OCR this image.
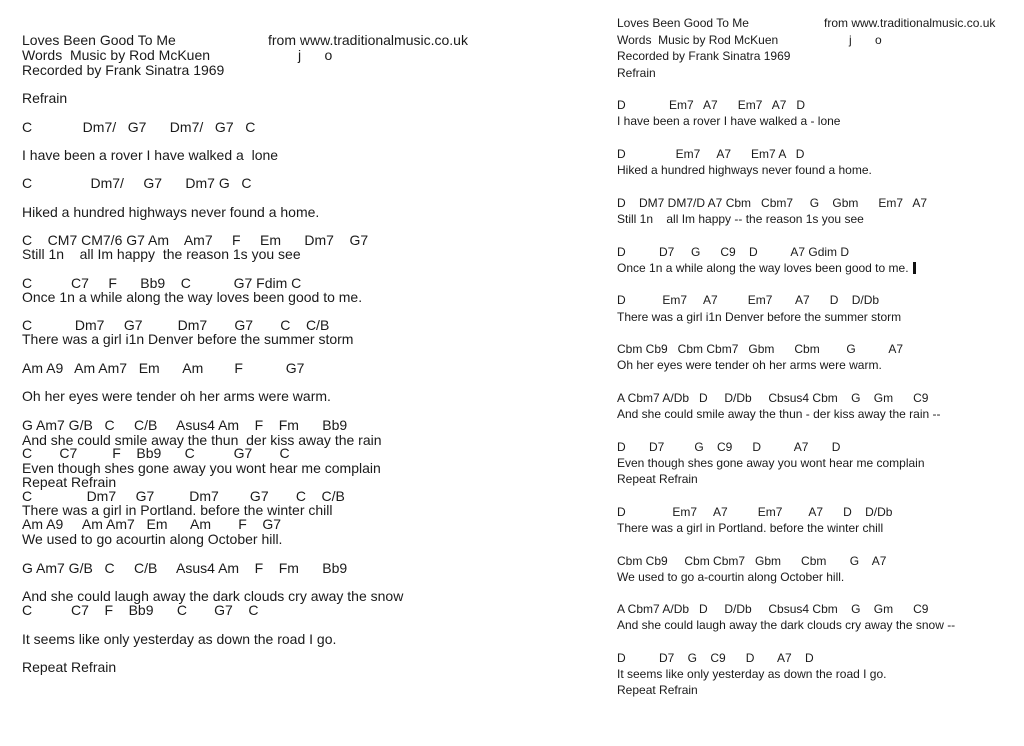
Loves Been Good To Me

	from www.traditionalmusic.co.uk

Words  Music by Rod McKuen

	j      o

Recorded by Frank Sinatra 1969

Refrain

C             Dm7/   G7      Dm7/   G7   C

I have been a rover I have walked a  lone

C               Dm7/     G7      Dm7 G   C

Hiked a hundred highways never found a home.

C    CM7 CM7/6 G7 Am    Am7     F     Em      Dm7    G7

Still 1n    all Im happy  the reason 1s you see

C          C7     F      Bb9    C           G7 Fdim C

Once 1n a while along the way loves been good to me.

C           Dm7     G7         Dm7       G7       C    C/B

There was a girl i1n Denver before the summer storm

Am A9   Am Am7   Em      Am        F           G7

Oh her eyes were tender oh her arms were warm.

G Am7 G/B   C     C/B     Asus4 Am    F    Fm      Bb9

And she could smile away the thun  der kiss away the rain

C       C7         F    Bb9      C          G7       C

Even though shes gone away you wont hear me complain

Repeat Refrain

C              Dm7     G7         Dm7        G7       C    C/B

There was a girl in Portland. before the winter chill

Am A9     Am Am7   Em      Am       F    G7

We used to go acourtin along October hill.

G Am7 G/B   C     C/B     Asus4 Am    F    Fm      Bb9

And she could laugh away the dark clouds cry away the snow

C          C7    F    Bb9      C       G7    C

It seems like only yesterday as down the road I go.

Repeat Refrain

Loves Been Good To Me

	from www.traditionalmusic.co.uk

Words  Music by Rod McKuen

	j       o

Recorded by Frank Sinatra 1969

Refrain

D             Em7   A7      Em7   A7   D

I have been a rover I have walked a - lone

D               Em7     A7      Em7 A   D

Hiked a hundred highways never found a home.

D    DM7 DM7/D A7 Cbm   Cbm7     G    Gbm      Em7   A7

Still 1n    all Im happy -- the reason 1s you see

D          D7     G      C9    D          A7 Gdim D

Once 1n a while along the way loves been good to me.

D           Em7     A7         Em7       A7      D    D/Db

There was a girl i1n Denver before the summer storm

Cbm Cb9   Cbm Cbm7   Gbm      Cbm        G          A7

Oh her eyes were tender oh her arms were warm.

A Cbm7 A/Db   D     D/Db     Cbsus4 Cbm    G    Gm      C9

And she could smile away the thun - der kiss away the rain --

D       D7         G    C9      D          A7       D

Even though shes gone away you wont hear me complain

Repeat Refrain

D              Em7     A7         Em7        A7      D    D/Db

There was a girl in Portland. before the winter chill

Cbm Cb9     Cbm Cbm7   Gbm      Cbm       G    A7

We used to go a-courtin along October hill.

A Cbm7 A/Db   D     D/Db     Cbsus4 Cbm    G    Gm      C9

And she could laugh away the dark clouds cry away the snow --

D          D7    G    C9      D       A7    D

It seems like only yesterday as down the road I go.

Repeat Refrain
